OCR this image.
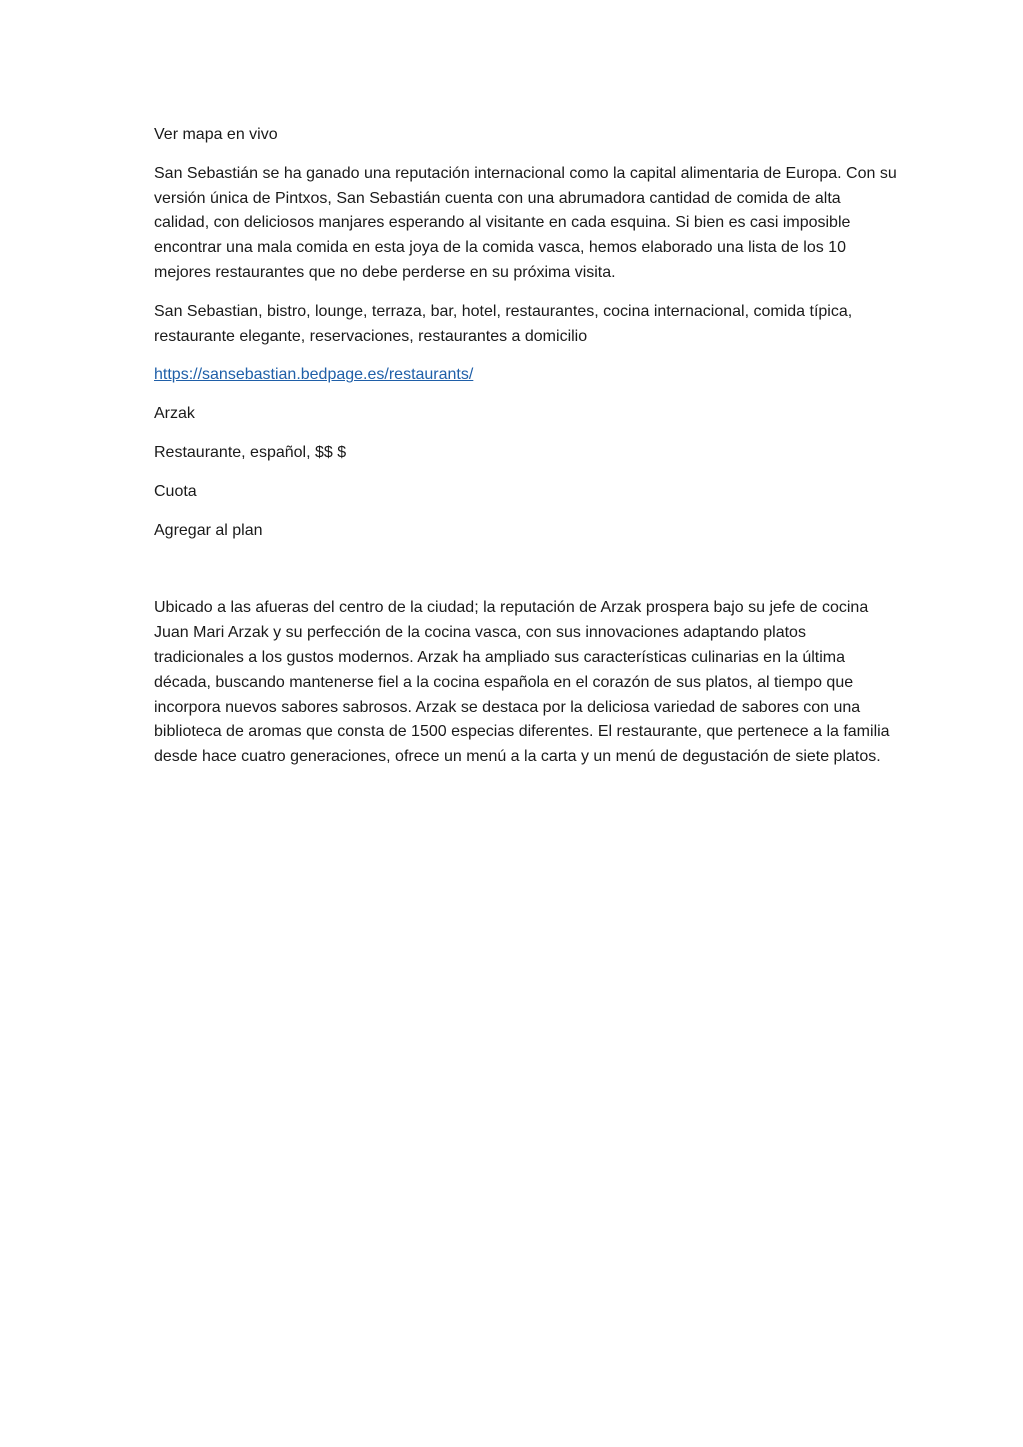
Ver mapa en vivo

San Sebastián se ha ganado una reputación internacional como la capital alimentaria de Europa. Con su versión única de Pintxos, San Sebastián cuenta con una abrumadora cantidad de comida de alta calidad, con deliciosos manjares esperando al visitante en cada esquina. Si bien es casi imposible encontrar una mala comida en esta joya de la comida vasca, hemos elaborado una lista de los 10 mejores restaurantes que no debe perderse en su próxima visita.

San Sebastian, bistro, lounge, terraza, bar, hotel, restaurantes, cocina internacional, comida típica, restaurante elegante, reservaciones, restaurantes a domicilio

https://sansebastian.bedpage.es/restaurants/

Arzak

Restaurante, español, $$ $

Cuota

Agregar al plan

Ubicado a las afueras del centro de la ciudad; la reputación de Arzak prospera bajo su jefe de cocina Juan Mari Arzak y su perfección de la cocina vasca, con sus innovaciones adaptando platos tradicionales a los gustos modernos. Arzak ha ampliado sus características culinarias en la última década, buscando mantenerse fiel a la cocina española en el corazón de sus platos, al tiempo que incorpora nuevos sabores sabrosos. Arzak se destaca por la deliciosa variedad de sabores con una biblioteca de aromas que consta de 1500 especias diferentes. El restaurante, que pertenece a la familia desde hace cuatro generaciones, ofrece un menú a la carta y un menú de degustación de siete platos.
